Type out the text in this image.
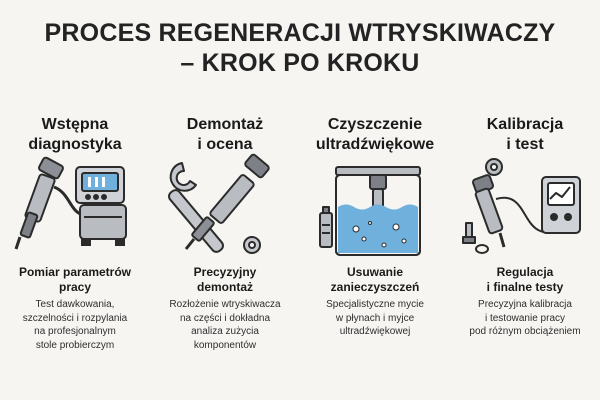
PROCES REGENERACJI WTRYSKIWACZY
– KROK PO KROKU
Wstępna
diagnostyka
Pomiar parametrów
pracy
Test dawkowania,
szczelności i rozpylania
na profesjonalnym
stole probierczym
Demontaż
i ocena
Precyzyjny
demontaż
Rozłożenie wtryskiwacza
na części i dokładna
analiza zużycia
komponentów
Czyszczenie
ultradźwiękowe
Usuwanie
zanieczyszczeń
Specjalistyczne mycie
w płynach i myjce
ultradźwiękowej
Kalibracja
i test
Regulacja
i finalne testy
Precyzyjna kalibracja
i testowanie pracy
pod różnym obciążeniem
